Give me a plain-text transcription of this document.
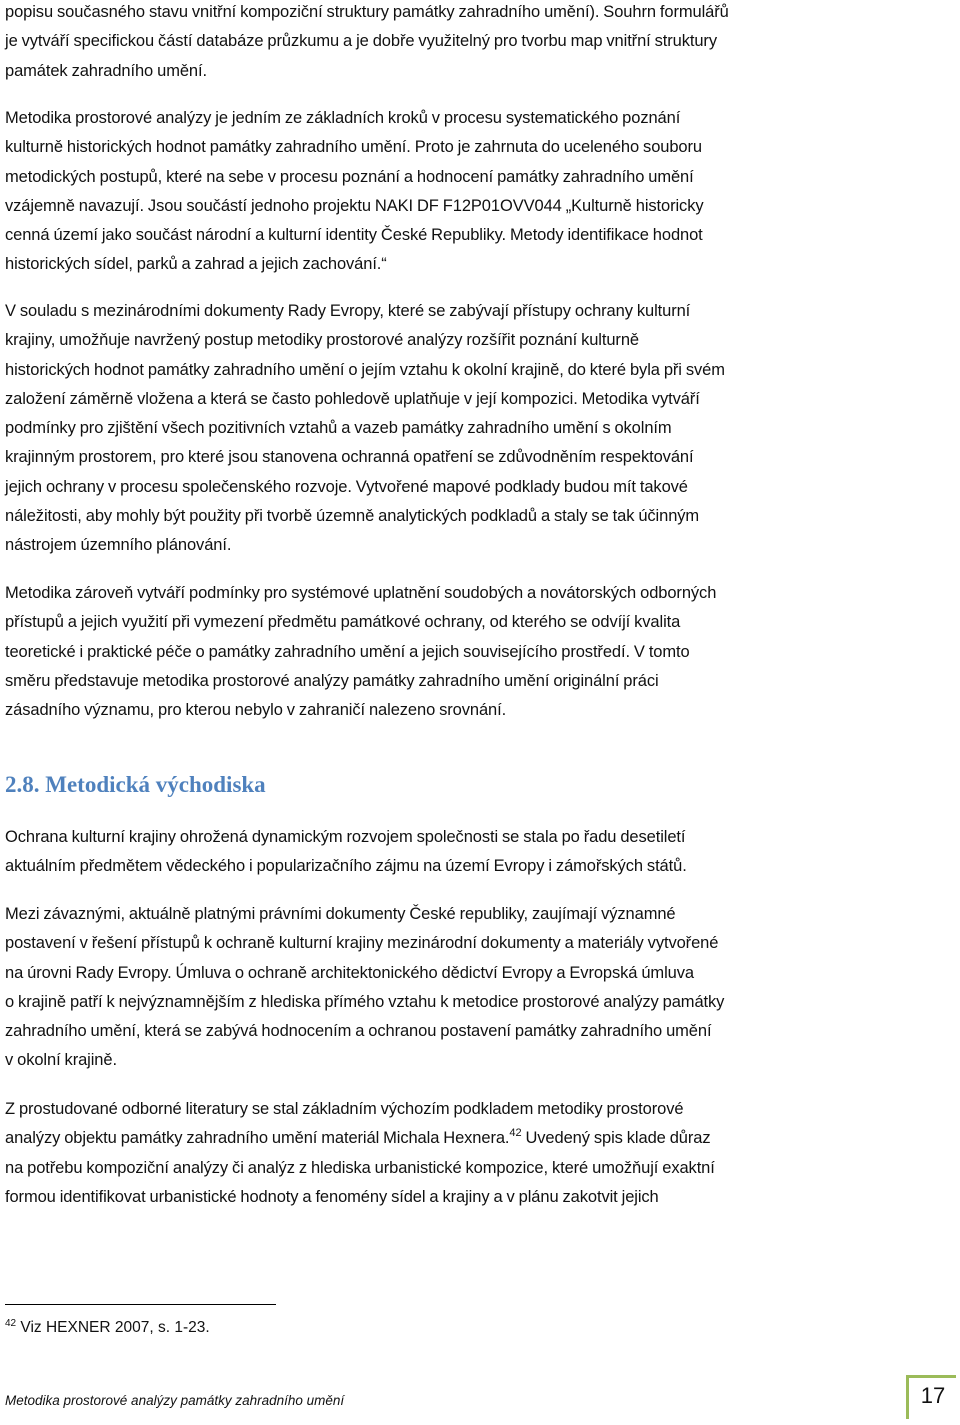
popisu současného stavu vnitřní kompoziční struktury památky zahradního umění). Souhrn formulářů
je vytváří specifickou částí databáze průzkumu a je dobře využitelný pro tvorbu map vnitřní struktury
památek zahradního umění.

Metodika prostorové analýzy je jedním ze základních kroků v procesu systematického poznání
kulturně historických hodnot památky zahradního umění. Proto je zahrnuta do uceleného souboru
metodických postupů, které na sebe v procesu poznání a hodnocení památky zahradního umění
vzájemně navazují. Jsou součástí jednoho projektu NAKI DF F12P01OVV044 „Kulturně historicky
cenná území jako součást národní a kulturní identity České Republiky. Metody identifikace hodnot
historických sídel, parků a zahrad a jejich zachování.“

V souladu s mezinárodními dokumenty Rady Evropy, které se zabývají přístupy ochrany kulturní
krajiny, umožňuje navržený postup metodiky prostorové analýzy rozšířit poznání kulturně
historických hodnot památky zahradního umění o jejím vztahu k okolní krajině, do které byla při svém
založení záměrně vložena a která se často pohledově uplatňuje v její kompozici. Metodika vytváří
podmínky pro zjištění všech pozitivních vztahů a vazeb památky zahradního umění s okolním
krajinným prostorem, pro které jsou stanovena ochranná opatření se zdůvodněním respektování
jejich ochrany v procesu společenského rozvoje. Vytvořené mapové podklady budou mít takové
náležitosti, aby mohly být použity při tvorbě územně analytických podkladů a staly se tak účinným
nástrojem územního plánování.

Metodika zároveň vytváří podmínky pro systémové uplatnění soudobých a novátorských odborných
přístupů a jejich využití při vymezení předmětu památkové ochrany, od kterého se odvíjí kvalita
teoretické i praktické péče o památky zahradního umění a jejich souvisejícího prostředí. V tomto
směru představuje metodika prostorové analýzy památky zahradního umění originální práci
zásadního významu, pro kterou nebylo v zahraničí nalezeno srovnání.

2.8. Metodická východiska

Ochrana kulturní krajiny ohrožená dynamickým rozvojem společnosti se stala po řadu desetiletí
aktuálním předmětem vědeckého i popularizačního zájmu na území Evropy i zámořských států.

Mezi závaznými, aktuálně platnými právními dokumenty České republiky, zaujímají významné
postavení v řešení přístupů k ochraně kulturní krajiny mezinárodní dokumenty a materiály vytvořené
na úrovni Rady Evropy. Úmluva o ochraně architektonického dědictví Evropy a Evropská úmluva
o krajině patří k nejvýznamnějším z hlediska přímého vztahu k metodice prostorové analýzy památky
zahradního umění, která se zabývá hodnocením a ochranou postavení památky zahradního umění
v okolní krajině.

Z prostudované odborné literatury se stal základním výchozím podkladem metodiky prostorové
analýzy objektu památky zahradního umění materiál Michala Hexnera.$^{42}$ Uvedený spis klade důraz
na potřebu kompoziční analýzy či analýz z hlediska urbanistické kompozice, které umožňují exaktní
formou identifikovat urbanistické hodnoty a fenomény sídel a krajiny a v plánu zakotvit jejich

$^{42}$ Viz HEXNER 2007, s. 1-23.

Metodika prostorové analýzy památky zahradního umění	17
